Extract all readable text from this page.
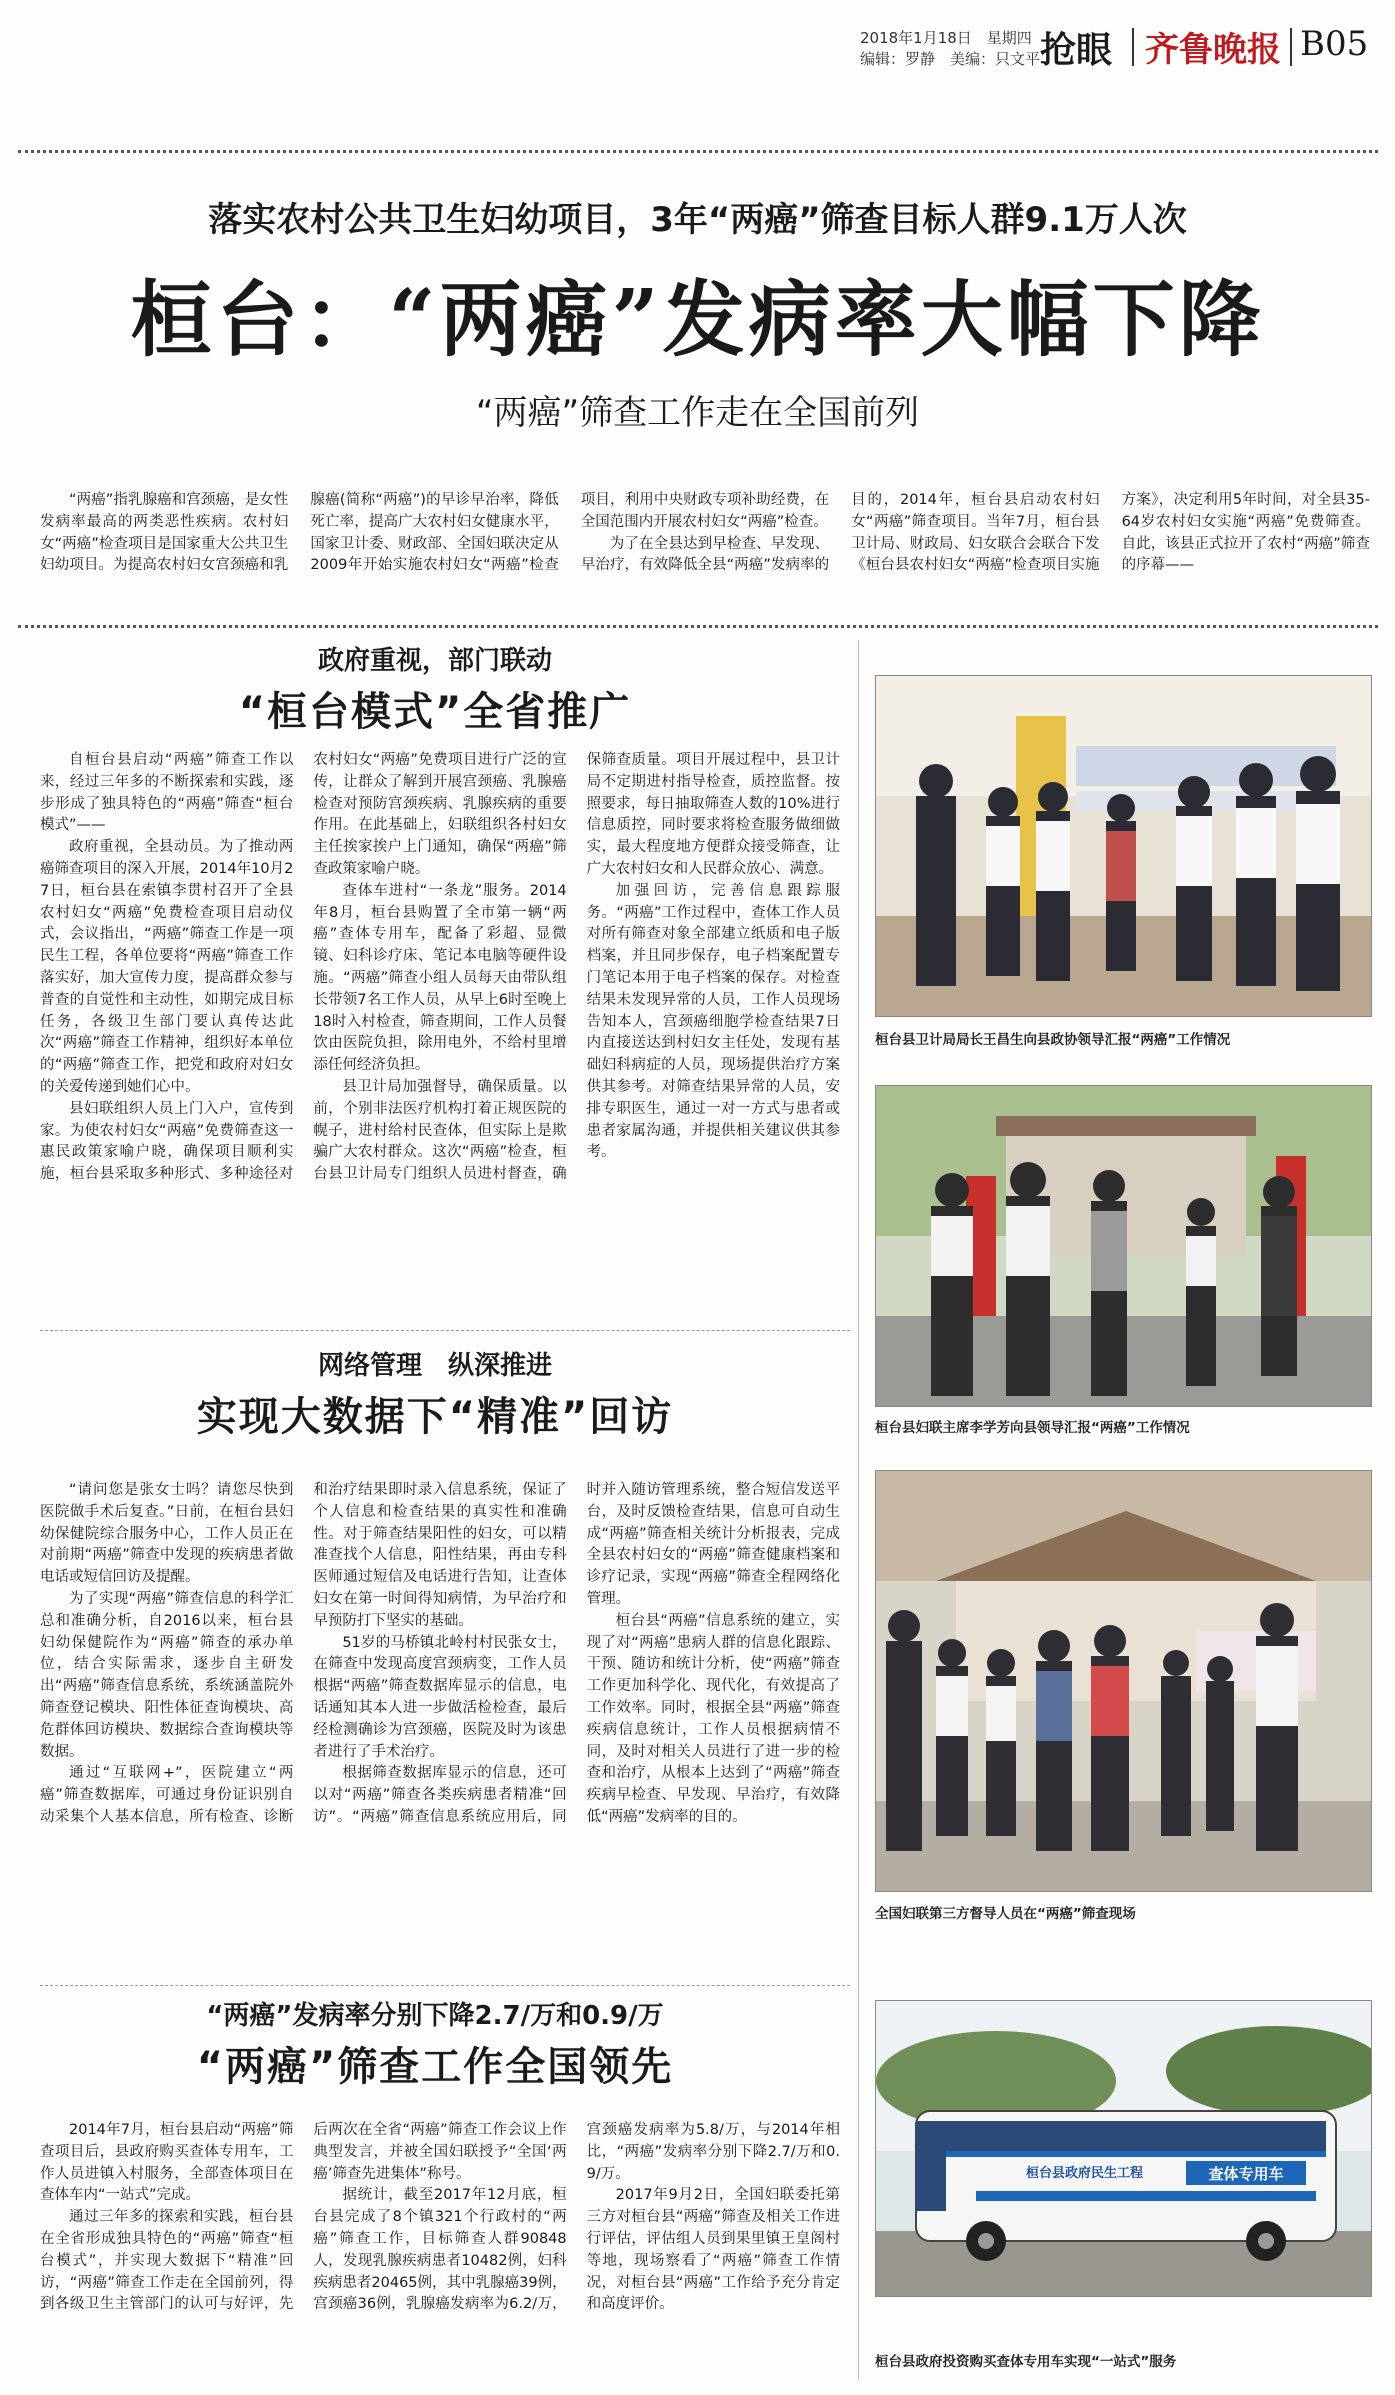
2018年1月18日　星期四
编辑：罗静　美编：只文平 抢眼 齐鲁晚报 B05
落实农村公共卫生妇幼项目，3年“两癌”筛查目标人群9.1万人次
桓台：“两癌”发病率大幅下降
“两癌”筛查工作走在全国前列

“两癌”指乳腺癌和宫颈癌，是女性发病率最高的两类恶性疾病。农村妇女“两癌”检查项目是国家重大公共卫生妇幼项目。为提高农村妇女宫颈癌和乳腺癌(简称“两癌”)的早诊早治率，降低死亡率，提高广大农村妇女健康水平，国家卫计委、财政部、全国妇联决定从2009年开始实施农村妇女“两癌”检查项目，利用中央财政专项补助经费，在全国范围内开展农村妇女“两癌”检查。

为了在全县达到早检查、早发现、早治疗，有效降低全县“两癌”发病率的目的，2014年，桓台县启动农村妇女“两癌”筛查项目。当年7月，桓台县卫计局、财政局、妇女联合会联合下发《桓台县农村妇女“两癌”检查项目实施方案》，决定利用5年时间，对全县35-64岁农村妇女实施“两癌”免费筛查。自此，该县正式拉开了农村“两癌”筛查的序幕——

政府重视，部门联动
“桓台模式”全省推广

自桓台县启动“两癌”筛查工作以来，经过三年多的不断探索和实践，逐步形成了独具特色的“两癌”筛查“桓台模式”——

政府重视，全县动员。为了推动两癌筛查项目的深入开展，2014年10月27日，桓台县在索镇李贯村召开了全县农村妇女“两癌”免费检查项目启动仪式，会议指出，“两癌”筛查工作是一项民生工程，各单位要将“两癌”筛查工作落实好，加大宣传力度，提高群众参与普查的自觉性和主动性，如期完成目标任务，各级卫生部门要认真传达此次“两癌”筛查工作精神，组织好本单位的“两癌”筛查工作，把党和政府对妇女的关爱传递到她们心中。

县妇联组织人员上门入户，宣传到家。为使农村妇女“两癌”免费筛查这一惠民政策家喻户晓，确保项目顺利实施，桓台县采取多种形式、多种途径对农村妇女“两癌”免费项目进行广泛的宣传，让群众了解到开展宫颈癌、乳腺癌检查对预防宫颈疾病、乳腺疾病的重要作用。在此基础上，妇联组织各村妇女主任挨家挨户上门通知，确保“两癌”筛查政策家喻户晓。

查体车进村“一条龙”服务。2014年8月，桓台县购置了全市第一辆“两癌”查体专用车，配备了彩超、显微镜、妇科诊疗床、笔记本电脑等硬件设施。“两癌”筛查小组人员每天由带队组长带领7名工作人员，从早上6时至晚上18时入村检查，筛查期间，工作人员餐饮由医院负担，除用电外，不给村里增添任何经济负担。

县卫计局加强督导，确保质量。以前，个别非法医疗机构打着正规医院的幌子，进村给村民查体，但实际上是欺骗广大农村群众。这次“两癌”检查，桓台县卫计局专门组织人员进村督查，确保筛查质量。项目开展过程中，县卫计局不定期进村指导检查，质控监督。按照要求，每日抽取筛查人数的10%进行信息质控，同时要求将检查服务做细做实，最大程度地方便群众接受筛查，让广大农村妇女和人民群众放心、满意。

加强回访，完善信息跟踪服务。“两癌”工作过程中，查体工作人员对所有筛查对象全部建立纸质和电子版档案，并且同步保存，电子档案配置专门笔记本用于电子档案的保存。对检查结果未发现异常的人员，工作人员现场告知本人，宫颈癌细胞学检查结果7日内直接送达到村妇女主任处，发现有基础妇科病症的人员，现场提供治疗方案供其参考。对筛查结果异常的人员，安排专职医生，通过一对一方式与患者或患者家属沟通，并提供相关建议供其参考。

网络管理　纵深推进
实现大数据下“精准”回访

“请问您是张女士吗？请您尽快到医院做手术后复查。”日前，在桓台县妇幼保健院综合服务中心，工作人员正在对前期“两癌”筛查中发现的疾病患者做电话或短信回访及提醒。

为了实现“两癌”筛查信息的科学汇总和准确分析，自2016以来，桓台县妇幼保健院作为“两癌”筛查的承办单位，结合实际需求，逐步自主研发出“两癌”筛查信息系统，系统涵盖院外筛查登记模块、阳性体征查询模块、高危群体回访模块、数据综合查询模块等数据。

通过“互联网+”，医院建立“两癌”筛查数据库，可通过身份证识别自动采集个人基本信息，所有检查、诊断和治疗结果即时录入信息系统，保证了个人信息和检查结果的真实性和准确性。对于筛查结果阳性的妇女，可以精准查找个人信息，阳性结果，再由专科医师通过短信及电话进行告知，让查体妇女在第一时间得知病情，为早治疗和早预防打下坚实的基础。

51岁的马桥镇北岭村村民张女士，在筛查中发现高度宫颈病变，工作人员根据“两癌”筛查数据库显示的信息，电话通知其本人进一步做活检检查，最后经检测确诊为宫颈癌，医院及时为该患者进行了手术治疗。

根据筛查数据库显示的信息，还可以对“两癌”筛查各类疾病患者精准“回访”。“两癌”筛查信息系统应用后，同时并入随访管理系统，整合短信发送平台，及时反馈检查结果，信息可自动生成“两癌”筛查相关统计分析报表，完成全县农村妇女的“两癌”筛查健康档案和诊疗记录，实现“两癌”筛查全程网络化管理。

桓台县“两癌”信息系统的建立，实现了对“两癌”患病人群的信息化跟踪、干预、随访和统计分析，使“两癌”筛查工作更加科学化、现代化，有效提高了工作效率。同时，根据全县“两癌”筛查疾病信息统计，工作人员根据病情不同，及时对相关人员进行了进一步的检查和治疗，从根本上达到了“两癌”筛查疾病早检查、早发现、早治疗，有效降低“两癌”发病率的目的。

“两癌”发病率分别下降2.7/万和0.9/万
“两癌”筛查工作全国领先

2014年7月，桓台县启动“两癌”筛查项目后，县政府购买查体专用车，工作人员进镇入村服务，全部查体项目在查体车内“一站式”完成。

通过三年多的探索和实践，桓台县在全省形成独具特色的“两癌”筛查“桓台模式”，并实现大数据下“精准”回访，“两癌”筛查工作走在全国前列，得到各级卫生主管部门的认可与好评，先后两次在全省“两癌”筛查工作会议上作典型发言，并被全国妇联授予“全国‘两癌’筛查先进集体”称号。

据统计，截至2017年12月底，桓台县完成了8个镇321个行政村的“两癌”筛查工作，目标筛查人群90848人，发现乳腺疾病患者10482例，妇科疾病患者20465例，其中乳腺癌39例，宫颈癌36例，乳腺癌发病率为6.2/万，宫颈癌发病率为5.8/万，与2014年相比，“两癌”发病率分别下降2.7/万和0.9/万。

2017年9月2日，全国妇联委托第三方对桓台县“两癌”筛查及相关工作进行评估，评估组人员到果里镇王皇阁村等地，现场察看了“两癌”筛查工作情况，对桓台县“两癌”工作给予充分肯定和高度评价。

桓台县卫计局局长王昌生向县政协领导汇报“两癌”工作情况
桓台县妇联主席李学芳向县领导汇报“两癌”工作情况
全国妇联第三方督导人员在“两癌”筛查现场
查体专用车
桓台县政府民生工程
桓台县政府投资购买查体专用车实现“一站式”服务
